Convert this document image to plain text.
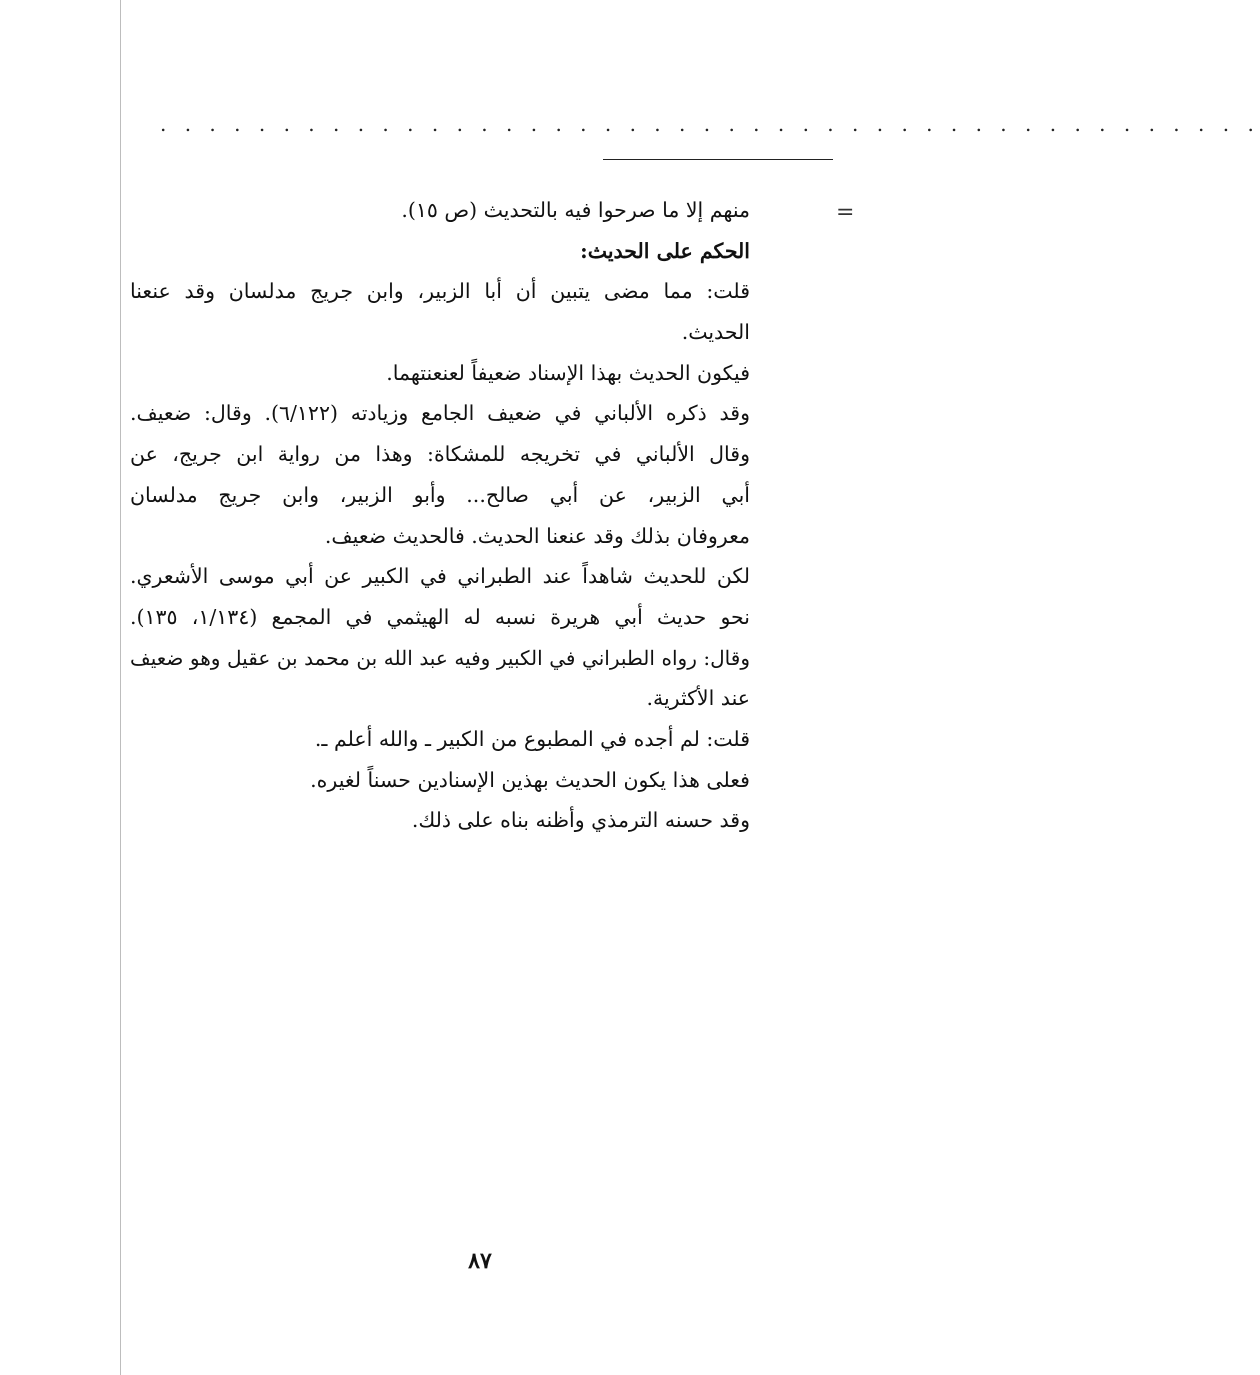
. . . . . . . . . . . . . . . . . . . . . . . . . . . . . . . . . . . . . . . . . . . . .
=
منهم إلا ما صرحوا فيه بالتحديث (ص ١٥).
الحكم على الحديث:
قلت: مما مضى يتبين أن أبا الزبير، وابن جريج مدلسان وقد عنعنا
الحديث.
فيكون الحديث بهذا الإسناد ضعيفاً لعنعنتهما.
وقد ذكره الألباني في ضعيف الجامع وزيادته (٦/١٢٢). وقال: ضعيف.
وقال الألباني في تخريجه للمشكاة: وهذا من رواية ابن جريج، عن
أبي الزبير، عن أبي صالح... وأبو الزبير، وابن جريج مدلسان
معروفان بذلك وقد عنعنا الحديث. فالحديث ضعيف.
لكن للحديث شاهداً عند الطبراني في الكبير عن أبي موسى الأشعري.
نحو حديث أبي هريرة نسبه له الهيثمي في المجمع (١/١٣٤، ١٣٥).
وقال: رواه الطبراني في الكبير وفيه عبد الله بن محمد بن عقيل وهو ضعيف
عند الأكثرية.
قلت: لم أجده في المطبوع من الكبير ـ والله أعلم ـ.
فعلى هذا يكون الحديث بهذين الإسنادين حسناً لغيره.
وقد حسنه الترمذي وأظنه بناه على ذلك.
٨٧
